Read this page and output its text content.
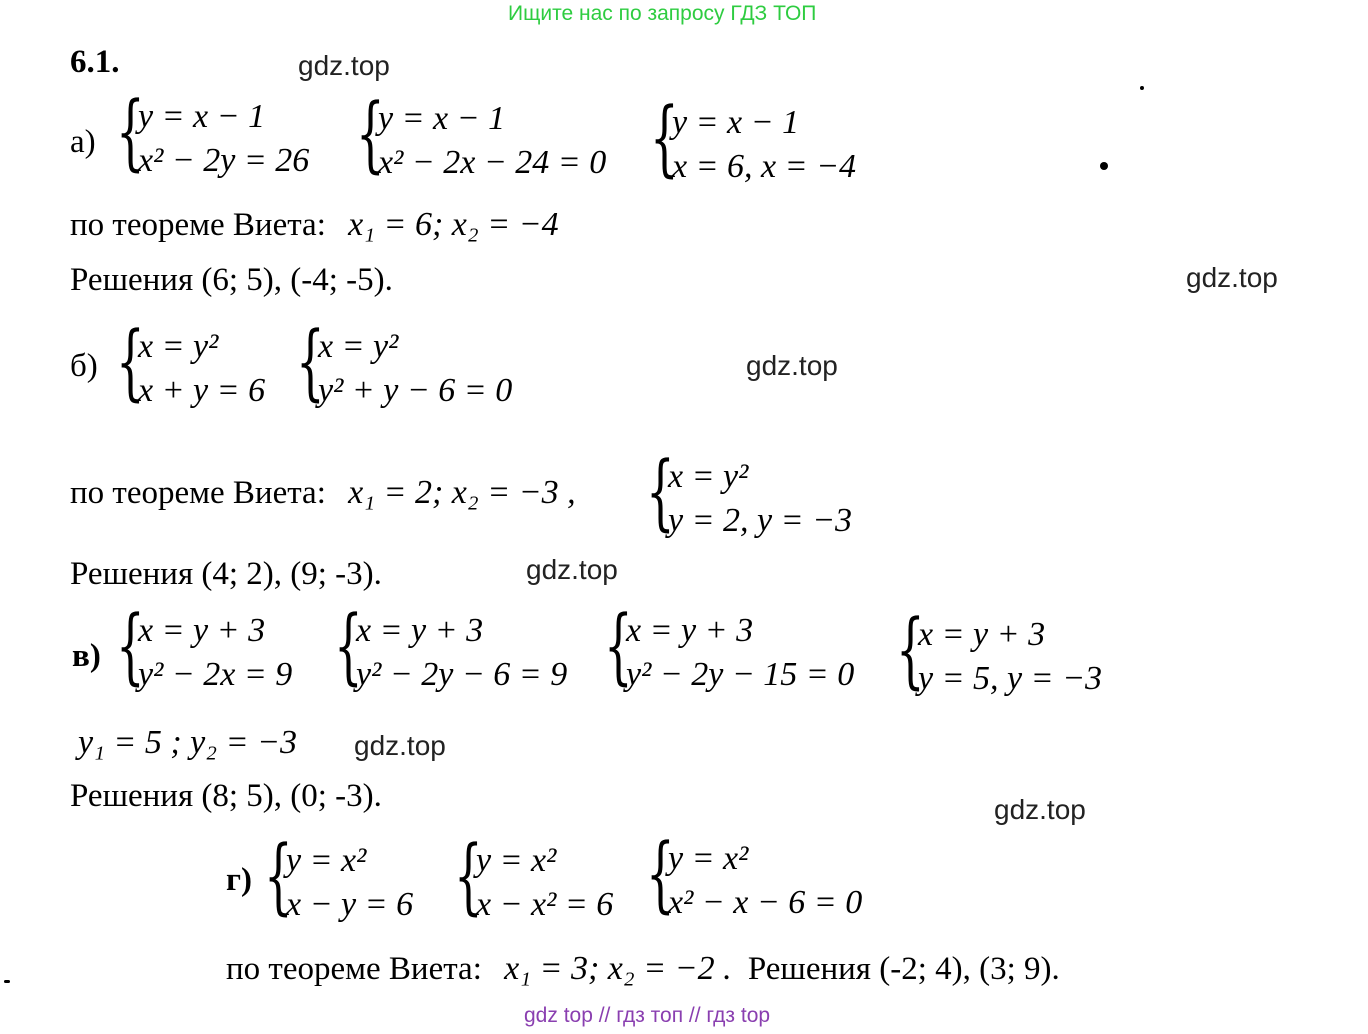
Ищите нас по запросу ГДЗ ТОП
6.1.	gdz.top
gdz.top
gdz.top
gdz.top
gdz.top
gdz.top
а) {
y = x − 1
x² − 2y = 26 {
y = x − 1
x² − 2x − 24 = 0 {
y = x − 1
x = 6, x = −4
по теореме Виета: x₁ = 6; x₂ = −4
Решения (6; 5), (-4; -5).
б) {
x = y²
x + y = 6 {
x = y²
y² + y − 6 = 0
по теореме Виета: x₁ = 2; x₂ = −3 , {
x = y²
y = 2, y = −3
Решения (4; 2), (9; -3).
в) {
x = y + 3
y² − 2x = 9 {
x = y + 3
y² − 2y − 6 = 9 {
x = y + 3
y² − 2y − 15 = 0 {
x = y + 3
y = 5, y = −3
y₁ = 5 ; y₂ = −3
Решения (8; 5), (0; -3).
г) {
y = x²
x − y = 6 {
y = x²
x − x² = 6 {
y = x²
x² − x − 6 = 0
по теореме Виета: x₁ = 3; x₂ = −2 . Решения (-2; 4), (3; 9).
gdz top // гдз топ // гдз top
